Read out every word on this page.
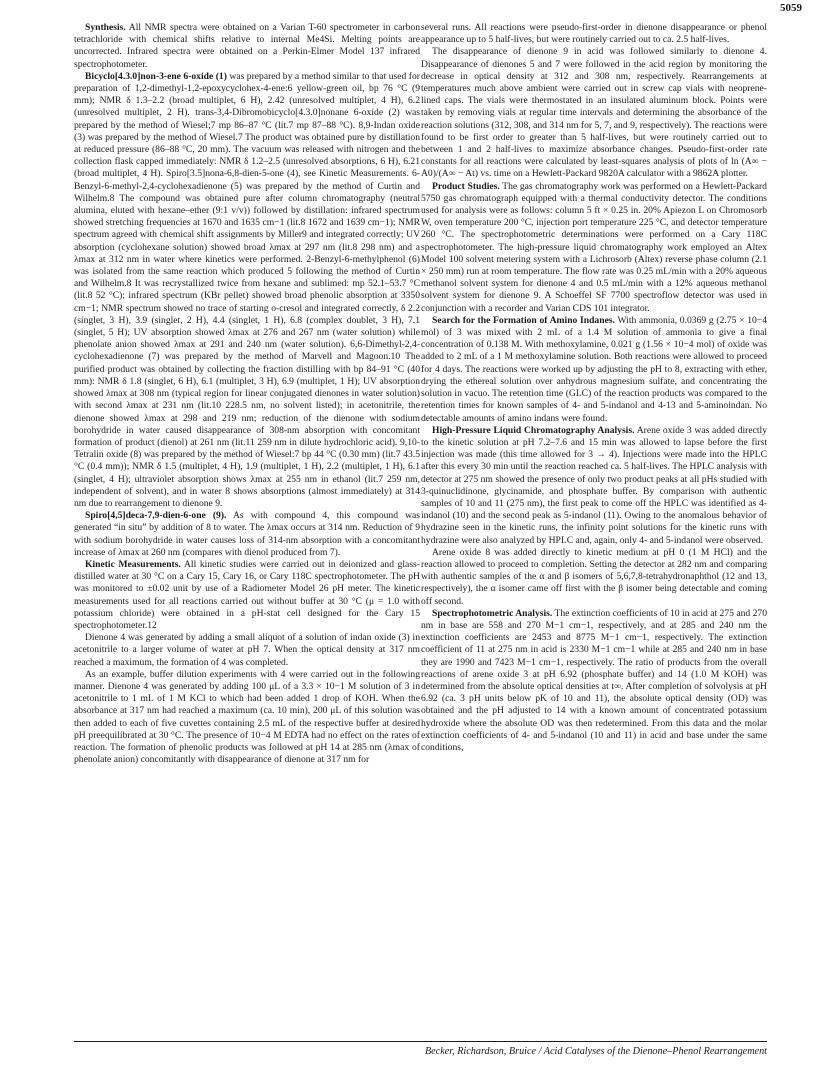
5059

Synthesis. All NMR spectra were obtained on a Varian T-60 spectrometer in carbon tetrachloride with chemical shifts relative to internal Me4Si. Melting points are uncorrected. Infrared spectra were obtained on a Perkin-Elmer Model 137 infrared spectrophotometer.

Bicyclo[4.3.0]non-3-ene 6-oxide (1) was prepared by a method similar to that used for preparation of 1,2-dimethyl-1,2-epoxycyclohex-4-ene:6 yellow-green oil, bp 76 °C (9 mm); NMR δ 1.3–2.2 (broad multiplet, 6 H), 2.42 (unresolved multiplet, 4 H), 6.2 (unresolved multiplet, 2 H). trans-3,4-Dibromobicyclo[4.3.0]nonane 6-oxide (2) was prepared by the method of Wiesel;7 mp 86–87 °C (lit.7 mp 87–88 °C). 8,9-Indan oxide (3) was prepared by the method of Wiesel.7 The product was obtained pure by distillation at reduced pressure (86–88 °C, 20 mm). The vacuum was released with nitrogen and the collection flask capped immediately: NMR δ 1.2–2.5 (unresolved absorptions, 6 H), 6.21 (broad multiplet, 4 H). Spiro[3.5]nona-6,8-dien-5-one (4), see Kinetic Measurements. 6-Benzyl-6-methyl-2,4-cyclohexadienone (5) was prepared by the method of Curtin and Wilhelm.8 The compound was obtained pure after column chromatography (neutral alumina, eluted with hexane–ether (9:1 v/v)) followed by distillation: infrared spectrum showed stretching frequencies at 1670 and 1635 cm−1 (lit.8 1672 and 1639 cm−1); NMR spectrum agreed with chemical shift assignments by Miller9 and integrated correctly; UV absorption (cyclohexane solution) showed broad λmax at 297 nm (lit.8 298 nm) and a λmax at 312 nm in water where kinetics were performed. 2-Benzyl-6-methylphenol (6) was isolated from the same reaction which produced 5 following the method of Curtin and Wilhelm.8 It was recrystallized twice from hexane and sublimed: mp 52.1–53.7 °C (lit.8 52 °C); infrared spectrum (KBr pellet) showed broad phenolic absorption at 3350 cm−1; NMR spectrum showed no trace of starting o-cresol and integrated correctly, δ 2.2 (singlet, 3 H), 3.9 (singlet, 2 H), 4.4 (singlet, 1 H), 6.8 (complex doublet, 3 H), 7.1 (singlet, 5 H); UV absorption showed λmax at 276 and 267 nm (water solution) while phenolate anion showed λmax at 291 and 240 nm (water solution). 6,6-Dimethyl-2,4-cyclohexadienone (7) was prepared by the method of Marvell and Magoon.10 The purified product was obtained by collecting the fraction distilling with bp 84–91 °C (40 mm): NMR δ 1.8 (singlet, 6 H), 6.1 (multiplet, 3 H), 6.9 (multiplet, 1 H); UV absorption showed λmax at 308 nm (typical region for linear conjugated dienones in water solution) with second λmax at 231 nm (lit.10 228.5 nm, no solvent listed); in acetonitrile, the dienone showed λmax at 298 and 219 nm; reduction of the dienone with sodium borohydride in water caused disappearance of 308-nm absorption with concomitant formation of product (dienol) at 261 nm (lit.11 259 nm in dilute hydrochloric acid). 9,10-Tetralin oxide (8) was prepared by the method of Wiesel:7 bp 44 °C (0.30 mm) (lit.7 43.5 °C (0.4 mm)); NMR δ 1.5 (multiplet, 4 H), 1.9 (multiplet, 1 H), 2.2 (multiplet, 1 H), 6.1 (singlet, 4 H); ultraviolet absorption shows λmax at 255 nm in ethanol (lit.7 259 nm, independent of solvent), and in water 8 shows absorptions (almost immediately) at 314 nm due to rearrangement to dienone 9.

Spiro[4,5]deca-7,9-dien-6-one (9). As with compound 4, this compound was generated “in situ” by addition of 8 to water. The λmax occurs at 314 nm. Reduction of 9 with sodium borohydride in water causes loss of 314-nm absorption with a concomitant increase of λmax at 260 nm (compares with dienol produced from 7).

Kinetic Measurements. All kinetic studies were carried out in deionized and glass-distilled water at 30 °C on a Cary 15, Cary 16, or Cary 118C spectrophotometer. The pH was monitored to ±0.02 unit by use of a Radiometer Model 26 pH meter. The kinetic measurements used for all reactions carried out without buffer at 30 °C (μ = 1.0 with potassium chloride) were obtained in a pH-stat cell designed for the Cary 15 spectrophotometer.12

Dienone 4 was generated by adding a small aliquot of a solution of indan oxide (3) in acetonitrile to a larger volume of water at pH 7. When the optical density at 317 nm reached a maximum, the formation of 4 was completed.

As an example, buffer dilution experiments with 4 were carried out in the following manner. Dienone 4 was generated by adding 100 μL of a 3.3 × 10−1 M solution of 3 in acetonitrile to 1 mL of 1 M KCl to which had been added 1 drop of KOH. When the absorbance at 317 nm had reached a maximum (ca. 10 min), 200 μL of this solution was then added to each of five cuvettes containing 2.5 mL of the respective buffer at desired pH preequilibrated at 30 °C. The presence of 10−4 M EDTA had no effect on the rates of reaction. The formation of phenolic products was followed at pH 14 at 285 nm (λmax of phenolate anion) concomitantly with disappearance of dienone at 317 nm for

several runs. All reactions were pseudo-first-order in dienone disappearance or phenol appearance up to 5 half-lives, but were routinely carried out to ca. 2.5 half-lives.

The disappearance of dienone 9 in acid was followed similarly to dienone 4. Disappearance of dienones 5 and 7 were followed in the acid region by monitoring the decrease in optical density at 312 and 308 nm, respectively. Rearrangements at temperatures much above ambient were carried out in screw cap vials with neoprene-lined caps. The vials were thermostated in an insulated aluminum block. Points were taken by removing vials at regular time intervals and determining the absorbance of the reaction solutions (312, 308, and 314 nm for 5, 7, and 9, respectively). The reactions were found to be first order to greater than 5 half-lives, but were routinely carried out to between 1 and 2 half-lives to maximize absorbance changes. Pseudo-first-order rate constants for all reactions were calculated by least-squares analysis of plots of ln (A∞ − A0)/(A∞ − At) vs. time on a Hewlett-Packard 9820A calculator with a 9862A plotter.

Product Studies. The gas chromatography work was performed on a Hewlett-Packard 5750 gas chromatograph equipped with a thermal conductivity detector. The conditions used for analysis were as follows: column 5 ft × 0.25 in. 20% Apiezon L on Chromosorb W, oven temperature 200 °C, injection port temperature 225 °C, and detector temperature 260 °C. The spectrophotometric determinations were performed on a Cary 118C spectrophotometer. The high-pressure liquid chromatography work employed an Altex Model 100 solvent metering system with a Lichrosorb (Altex) reverse phase column (2.1 × 250 mm) run at room temperature. The flow rate was 0.25 mL/min with a 20% aqueous methanol solvent system for dienone 4 and 0.5 mL/min with a 12% aqueous methanol solvent system for dienone 9. A Schoeffel SF 7700 spectroflow detector was used in conjunction with a recorder and Varian CDS 101 integrator.

Search for the Formation of Amino Indanes. With ammonia, 0.0369 g (2.75 × 10−4 mol) of 3 was mixed with 2 mL of a 1.4 M solution of ammonia to give a final concentration of 0.138 M. With methoxylamine, 0.021 g (1.56 × 10−4 mol) of oxide was added to 2 mL of a 1 M methoxylamine solution. Both reactions were allowed to proceed for 4 days. The reactions were worked up by adjusting the pH to 8, extracting with ether, drying the ethereal solution over anhydrous magnesium sulfate, and concentrating the solution in vacuo. The retention time (GLC) of the reaction products was compared to the retention times for known samples of 4- and 5-indanol and 4-13 and 5-aminoindan. No detectable amounts of amino indans were found.

High-Pressure Liquid Chromatography Analysis. Arene oxide 3 was added directly to the kinetic solution at pH 7.2–7.6 and 15 min was allowed to lapse before the first injection was made (this time allowed for 3 → 4). Injections were made into the HPLC after this every 30 min until the reaction reached ca. 5 half-lives. The HPLC analysis with detector at 275 nm showed the presence of only two product peaks at all pHs studied with 3-quinuclidinone, glycinamide, and phosphate buffer. By comparison with authentic samples of 10 and 11 (275 nm), the first peak to come off the HPLC was identified as 4-indanol (10) and the second peak as 5-indanol (11). Owing to the anomalous behavior of hydrazine seen in the kinetic runs, the infinity point solutions for the kinetic runs with hydrazine were also analyzed by HPLC and, again, only 4- and 5-indanol were observed.

Arene oxide 8 was added directly to kinetic medium at pH 0 (1 M HCl) and the reaction allowed to proceed to completion. Setting the detector at 282 nm and comparing with authentic samples of the α and β isomers of 5,6,7,8-tetrahydronaphthol (12 and 13, respectively), the α isomer came off first with the β isomer being detectable and coming off second.

Spectrophotometric Analysis. The extinction coefficients of 10 in acid at 275 and 270 nm in base are 558 and 270 M−1 cm−1, respectively, and at 285 and 240 nm the extinction coefficients are 2453 and 8775 M−1 cm−1, respectively. The extinction coefficient of 11 at 275 nm in acid is 2330 M−1 cm−1 while at 285 and 240 nm in base they are 1990 and 7423 M−1 cm−1, respectively. The ratio of products from the overall reactions of arene oxide 3 at pH 6.92 (phosphate buffer) and 14 (1.0 M KOH) was determined from the absolute optical densities at t∞. After completion of solvolysis at pH 6.92 (ca. 3 pH units below pK of 10 and 11), the absolute optical density (OD) was obtained and the pH adjusted to 14 with a known amount of concentrated potassium hydroxide where the absolute OD was then redetermined. From this data and the molar extinction coefficients of 4- and 5-indanol (10 and 11) in acid and base under the same conditions,

Becker, Richardson, Bruice / Acid Catalyses of the Dienone–Phenol Rearrangement
